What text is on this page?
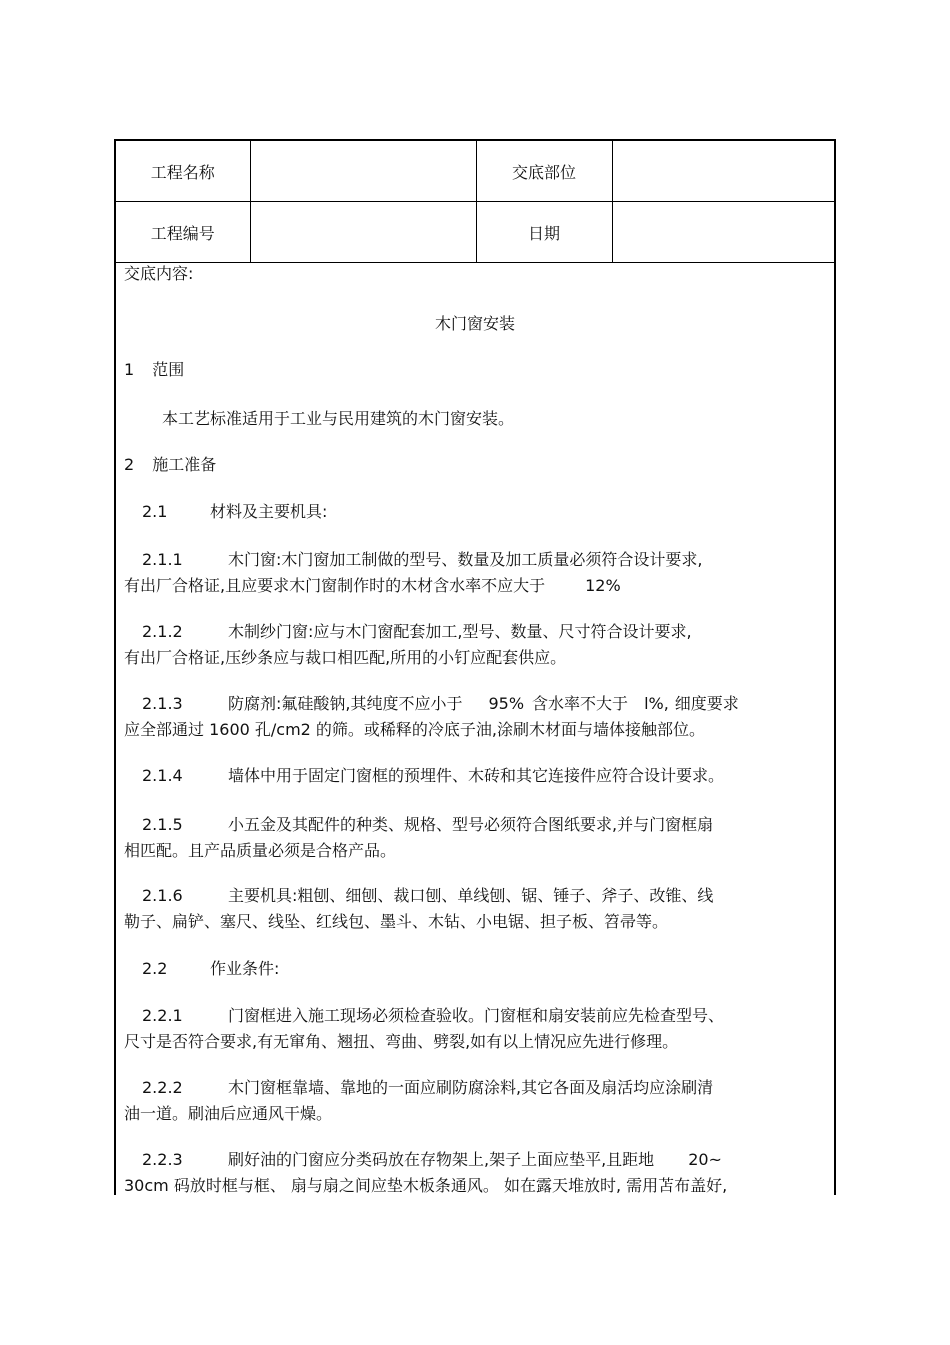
工程名称		交底部位	
工程编号		日期	
交底内容:
木门窗安装
1 范围
本工艺标准适用于工业与民用建筑的木门窗安装。
2 施工准备
2.1	材料及主要机具:
2.1.1	木门窗:木门窗加工制做的型号、数量及加工质量必须符合设计要求,
有出厂合格证,且应要求木门窗制作时的木材含水率不应大于	12%
2.1.2	木制纱门窗:应与木门窗配套加工,型号、数量、尺寸符合设计要求,
有出厂合格证,压纱条应与裁口相匹配,所用的小钉应配套供应。
2.1.3	防腐剂:氟硅酸钠,其纯度不应小于 95% 含水率不大于 l%, 细度要求
应全部通过 1600 孔/cm2 的筛。或稀释的冷底子油,涂刷木材面与墙体接触部位。
2.1.4	墙体中用于固定门窗框的预埋件、木砖和其它连接件应符合设计要求。
2.1.5	小五金及其配件的种类、规格、型号必须符合图纸要求,并与门窗框扇
相匹配。且产品质量必须是合格产品。
2.1.6	主要机具:粗刨、细刨、裁口刨、单线刨、锯、锤子、斧子、改锥、线
勒子、扁铲、塞尺、线坠、红线包、墨斗、木钻、小电锯、担子板、笤帚等。
2.2	作业条件:
2.2.1	门窗框进入施工现场必须检查验收。门窗框和扇安装前应先检查型号、
尺寸是否符合要求,有无窜角、翘扭、弯曲、劈裂,如有以上情况应先进行修理。
2.2.2	木门窗框靠墙、靠地的一面应刷防腐涂料,其它各面及扇活均应涂刷清
油一道。刷油后应通风干燥。
2.2.3	刷好油的门窗应分类码放在存物架上,架子上面应垫平,且距地 20~
30cm 码放时框与框、 扇与扇之间应垫木板条通风。 如在露天堆放时, 需用苫布盖好,
